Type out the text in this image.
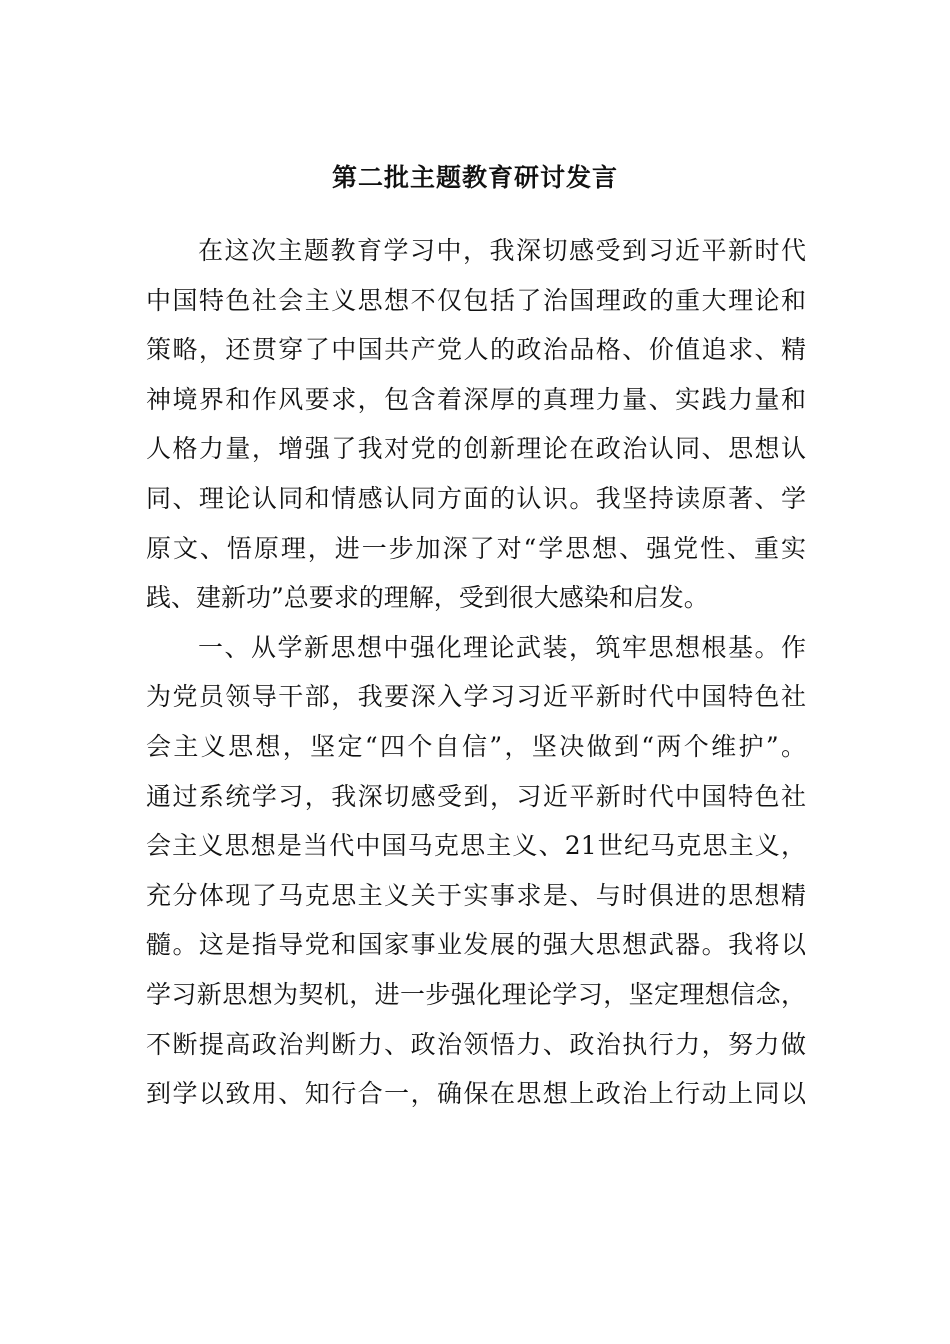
第二批主题教育研讨发言
在这次主题教育学习中，我深切感受到习近平新时代
中国特色社会主义思想不仅包括了治国理政的重大理论和
策略，还贯穿了中国共产党人的政治品格、价值追求、精
神境界和作风要求，包含着深厚的真理力量、实践力量和
人格力量，增强了我对党的创新理论在政治认同、思想认
同、理论认同和情感认同方面的认识。我坚持读原著、学
原文、悟原理，进一步加深了对“学思想、强党性、重实
践、建新功”总要求的理解，受到很大感染和启发。
一、从学新思想中强化理论武装，筑牢思想根基。作
为党员领导干部，我要深入学习习近平新时代中国特色社
会主义思想，坚定“四个自信”，坚决做到“两个维护”。
通过系统学习，我深切感受到，习近平新时代中国特色社
会主义思想是当代中国马克思主义、21世纪马克思主义，
充分体现了马克思主义关于实事求是、与时俱进的思想精
髓。这是指导党和国家事业发展的强大思想武器。我将以
学习新思想为契机，进一步强化理论学习，坚定理想信念，
不断提高政治判断力、政治领悟力、政治执行力，努力做
到学以致用、知行合一，确保在思想上政治上行动上同以
